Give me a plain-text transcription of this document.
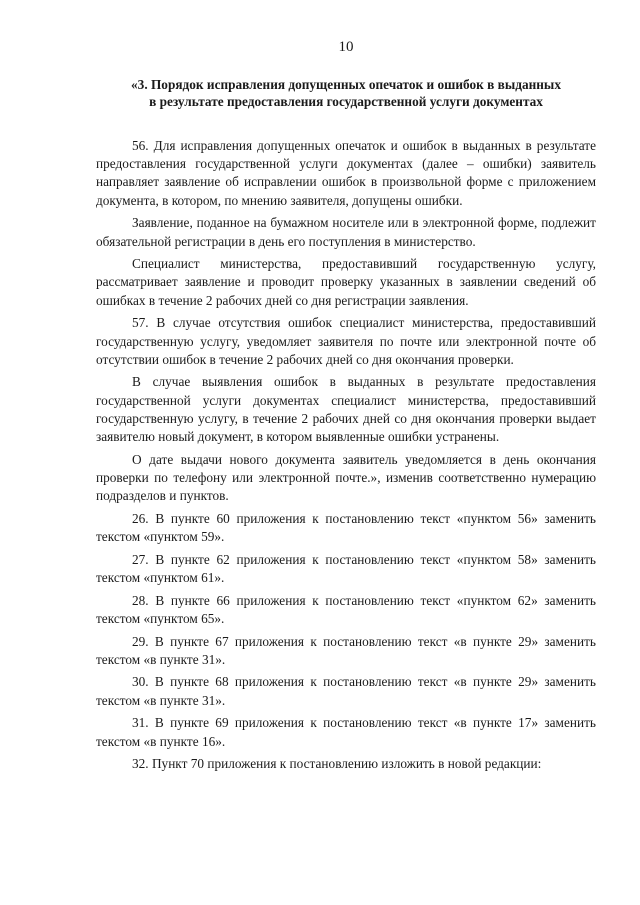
10
«3. Порядок исправления допущенных опечаток и ошибок в выданных
в результате предоставления государственной услуги документах

56. Для исправления допущенных опечаток и ошибок в выданных в результате предоставления государственной услуги документах (далее – ошибки) заявитель направляет заявление об исправлении ошибок в произвольной форме с приложением документа, в котором, по мнению заявителя, допущены ошибки.

Заявление, поданное на бумажном носителе или в электронной форме, подлежит обязательной регистрации в день его поступления в министерство.

Специалист министерства, предоставивший государственную услугу, рассматривает заявление и проводит проверку указанных в заявлении сведений об ошибках в течение 2 рабочих дней со дня регистрации заявления.

57. В случае отсутствия ошибок специалист министерства, предоставивший государственную услугу, уведомляет заявителя по почте или электронной почте об отсутствии ошибок в течение 2 рабочих дней со дня окончания проверки.

В случае выявления ошибок в выданных в результате предоставления государственной услуги документах специалист министерства, предоставивший государственную услугу, в течение 2 рабочих дней со дня окончания проверки выдает заявителю новый документ, в котором выявленные ошибки устранены.

О дате выдачи нового документа заявитель уведомляется в день окончания проверки по телефону или электронной почте.», изменив соответственно нумерацию подразделов и пунктов.

26. В пункте 60 приложения к постановлению текст «пунктом 56» заменить текстом «пунктом 59».

27. В пункте 62 приложения к постановлению текст «пунктом 58» заменить текстом «пунктом 61».

28. В пункте 66 приложения к постановлению текст «пунктом 62» заменить текстом «пунктом 65».

29. В пункте 67 приложения к постановлению текст «в пункте 29» заменить текстом «в пункте 31».

30. В пункте 68 приложения к постановлению текст «в пункте 29» заменить текстом «в пункте 31».

31. В пункте 69 приложения к постановлению текст «в пункте 17» заменить текстом «в пункте 16».

32. Пункт 70 приложения к постановлению изложить в новой редакции:
